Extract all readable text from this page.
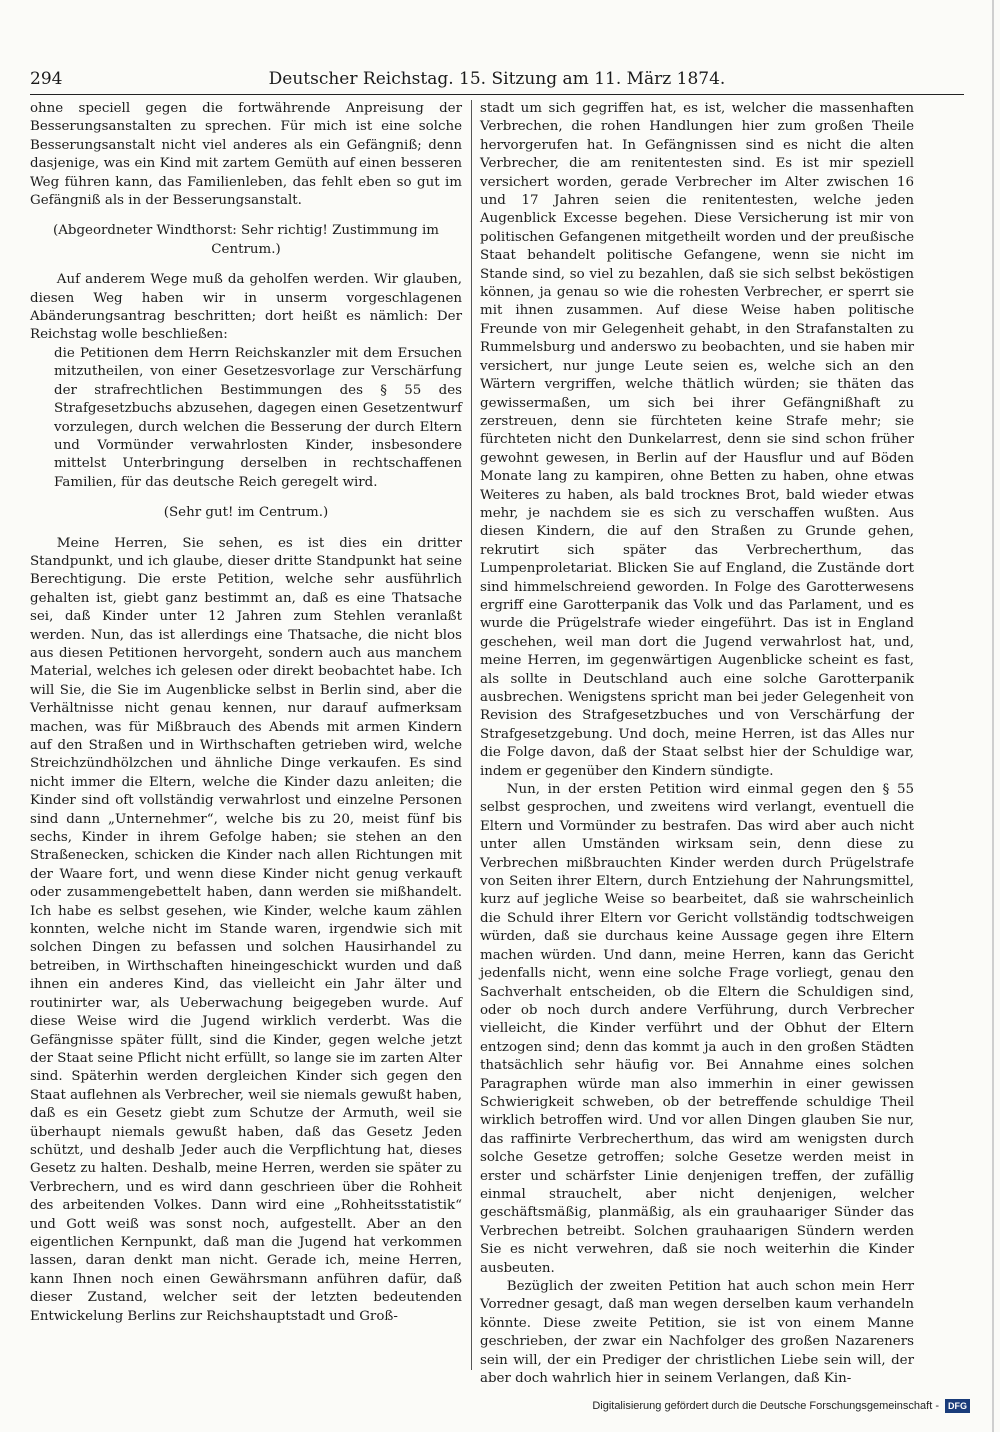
294	Deutscher Reichstag. 15. Sitzung am 11. März 1874.

ohne speciell gegen die fortwährende Anpreisung der Besserungsanstalten zu sprechen. Für mich ist eine solche Besserungsanstalt nicht viel anderes als ein Gefängniß; denn dasjenige, was ein Kind mit zartem Gemüth auf einen besseren Weg führen kann, das Familienleben, das fehlt eben so gut im Gefängniß als in der Besserungsanstalt.

(Abgeordneter Windthorst: Sehr richtig! Zustimmung im Centrum.)

Auf anderem Wege muß da geholfen werden. Wir glauben, diesen Weg haben wir in unserm vorgeschlagenen Abänderungsantrag beschritten; dort heißt es nämlich: Der Reichstag wolle beschließen:

die Petitionen dem Herrn Reichskanzler mit dem Ersuchen mitzutheilen, von einer Gesetzesvorlage zur Verschärfung der strafrechtlichen Bestimmungen des § 55 des Strafgesetzbuchs abzusehen, dagegen einen Gesetzentwurf vorzulegen, durch welchen die Besserung der durch Eltern und Vormünder verwahrlosten Kinder, insbesondere mittelst Unterbringung derselben in rechtschaffenen Familien, für das deutsche Reich geregelt wird.

(Sehr gut! im Centrum.)

Meine Herren, Sie sehen, es ist dies ein dritter Standpunkt, und ich glaube, dieser dritte Standpunkt hat seine Berechtigung. Die erste Petition, welche sehr ausführlich gehalten ist, giebt ganz bestimmt an, daß es eine Thatsache sei, daß Kinder unter 12 Jahren zum Stehlen veranlaßt werden. Nun, das ist allerdings eine Thatsache, die nicht blos aus diesen Petitionen hervorgeht, sondern auch aus manchem Material, welches ich gelesen oder direkt beobachtet habe. Ich will Sie, die Sie im Augenblicke selbst in Berlin sind, aber die Verhältnisse nicht genau kennen, nur darauf aufmerksam machen, was für Mißbrauch des Abends mit armen Kindern auf den Straßen und in Wirthschaften getrieben wird, welche Streichzündhölzchen und ähnliche Dinge verkaufen. Es sind nicht immer die Eltern, welche die Kinder dazu anleiten; die Kinder sind oft vollständig verwahrlost und einzelne Personen sind dann „Unternehmer“, welche bis zu 20, meist fünf bis sechs, Kinder in ihrem Gefolge haben; sie stehen an den Straßenecken, schicken die Kinder nach allen Richtungen mit der Waare fort, und wenn diese Kinder nicht genug verkauft oder zusammengebettelt haben, dann werden sie mißhandelt. Ich habe es selbst gesehen, wie Kinder, welche kaum zählen konnten, welche nicht im Stande waren, irgendwie sich mit solchen Dingen zu befassen und solchen Hausirhandel zu betreiben, in Wirthschaften hineingeschickt wurden und daß ihnen ein anderes Kind, das vielleicht ein Jahr älter und routinirter war, als Ueberwachung beigegeben wurde. Auf diese Weise wird die Jugend wirklich verderbt. Was die Gefängnisse später füllt, sind die Kinder, gegen welche jetzt der Staat seine Pflicht nicht erfüllt, so lange sie im zarten Alter sind. Späterhin werden dergleichen Kinder sich gegen den Staat auflehnen als Verbrecher, weil sie niemals gewußt haben, daß es ein Gesetz giebt zum Schutze der Armuth, weil sie überhaupt niemals gewußt haben, daß das Gesetz Jeden schützt, und deshalb Jeder auch die Verpflichtung hat, dieses Gesetz zu halten. Deshalb, meine Herren, werden sie später zu Verbrechern, und es wird dann geschrieen über die Rohheit des arbeitenden Volkes. Dann wird eine „Rohheitsstatistik“ und Gott weiß was sonst noch, aufgestellt. Aber an den eigentlichen Kernpunkt, daß man die Jugend hat verkommen lassen, daran denkt man nicht. Gerade ich, meine Herren, kann Ihnen noch einen Gewährsmann anführen dafür, daß dieser Zustand, welcher seit der letzten bedeutenden Entwickelung Berlins zur Reichshauptstadt und Groß-

stadt um sich gegriffen hat, es ist, welcher die massenhaften Verbrechen, die rohen Handlungen hier zum großen Theile hervorgerufen hat. In Gefängnissen sind es nicht die alten Verbrecher, die am renitentesten sind. Es ist mir speziell versichert worden, gerade Verbrecher im Alter zwischen 16 und 17 Jahren seien die renitentesten, welche jeden Augenblick Excesse begehen. Diese Versicherung ist mir von politischen Gefangenen mitgetheilt worden und der preußische Staat behandelt politische Gefangene, wenn sie nicht im Stande sind, so viel zu bezahlen, daß sie sich selbst beköstigen können, ja genau so wie die rohesten Verbrecher, er sperrt sie mit ihnen zusammen. Auf diese Weise haben politische Freunde von mir Gelegenheit gehabt, in den Strafanstalten zu Rummelsburg und anderswo zu beobachten, und sie haben mir versichert, nur junge Leute seien es, welche sich an den Wärtern vergriffen, welche thätlich würden; sie thäten das gewissermaßen, um sich bei ihrer Gefängnißhaft zu zerstreuen, denn sie fürchteten keine Strafe mehr; sie fürchteten nicht den Dunkelarrest, denn sie sind schon früher gewohnt gewesen, in Berlin auf der Hausflur und auf Böden Monate lang zu kampiren, ohne Betten zu haben, ohne etwas Weiteres zu haben, als bald trocknes Brot, bald wieder etwas mehr, je nachdem sie es sich zu verschaffen wußten. Aus diesen Kindern, die auf den Straßen zu Grunde gehen, rekrutirt sich später das Verbrecherthum, das Lumpenproletariat. Blicken Sie auf England, die Zustände dort sind himmelschreiend geworden. In Folge des Garotterwesens ergriff eine Garotterpanik das Volk und das Parlament, und es wurde die Prügelstrafe wieder eingeführt. Das ist in England geschehen, weil man dort die Jugend verwahrlost hat, und, meine Herren, im gegenwärtigen Augenblicke scheint es fast, als sollte in Deutschland auch eine solche Garotterpanik ausbrechen. Wenigstens spricht man bei jeder Gelegenheit von Revision des Strafgesetzbuches und von Verschärfung der Strafgesetzgebung. Und doch, meine Herren, ist das Alles nur die Folge davon, daß der Staat selbst hier der Schuldige war, indem er gegenüber den Kindern sündigte.

Nun, in der ersten Petition wird einmal gegen den § 55 selbst gesprochen, und zweitens wird verlangt, eventuell die Eltern und Vormünder zu bestrafen. Das wird aber auch nicht unter allen Umständen wirksam sein, denn diese zu Verbrechen mißbrauchten Kinder werden durch Prügelstrafe von Seiten ihrer Eltern, durch Entziehung der Nahrungsmittel, kurz auf jegliche Weise so bearbeitet, daß sie wahrscheinlich die Schuld ihrer Eltern vor Gericht vollständig todtschweigen würden, daß sie durchaus keine Aussage gegen ihre Eltern machen würden. Und dann, meine Herren, kann das Gericht jedenfalls nicht, wenn eine solche Frage vorliegt, genau den Sachverhalt entscheiden, ob die Eltern die Schuldigen sind, oder ob noch durch andere Verführung, durch Verbrecher vielleicht, die Kinder verführt und der Obhut der Eltern entzogen sind; denn das kommt ja auch in den großen Städten thatsächlich sehr häufig vor. Bei Annahme eines solchen Paragraphen würde man also immerhin in einer gewissen Schwierigkeit schweben, ob der betreffende schuldige Theil wirklich betroffen wird. Und vor allen Dingen glauben Sie nur, das raffinirte Verbrecherthum, das wird am wenigsten durch solche Gesetze getroffen; solche Gesetze werden meist in erster und schärfster Linie denjenigen treffen, der zufällig einmal strauchelt, aber nicht denjenigen, welcher geschäftsmäßig, planmäßig, als ein grauhaariger Sünder das Verbrechen betreibt. Solchen grauhaarigen Sündern werden Sie es nicht verwehren, daß sie noch weiterhin die Kinder ausbeuten.

Bezüglich der zweiten Petition hat auch schon mein Herr Vorredner gesagt, daß man wegen derselben kaum verhandeln könnte. Diese zweite Petition, sie ist von einem Manne geschrieben, der zwar ein Nachfolger des großen Nazareners sein will, der ein Prediger der christlichen Liebe sein will, der aber doch wahrlich hier in seinem Verlangen, daß Kin-

Digitalisierung gefördert durch die Deutsche Forschungsgemeinschaft -	DFG
